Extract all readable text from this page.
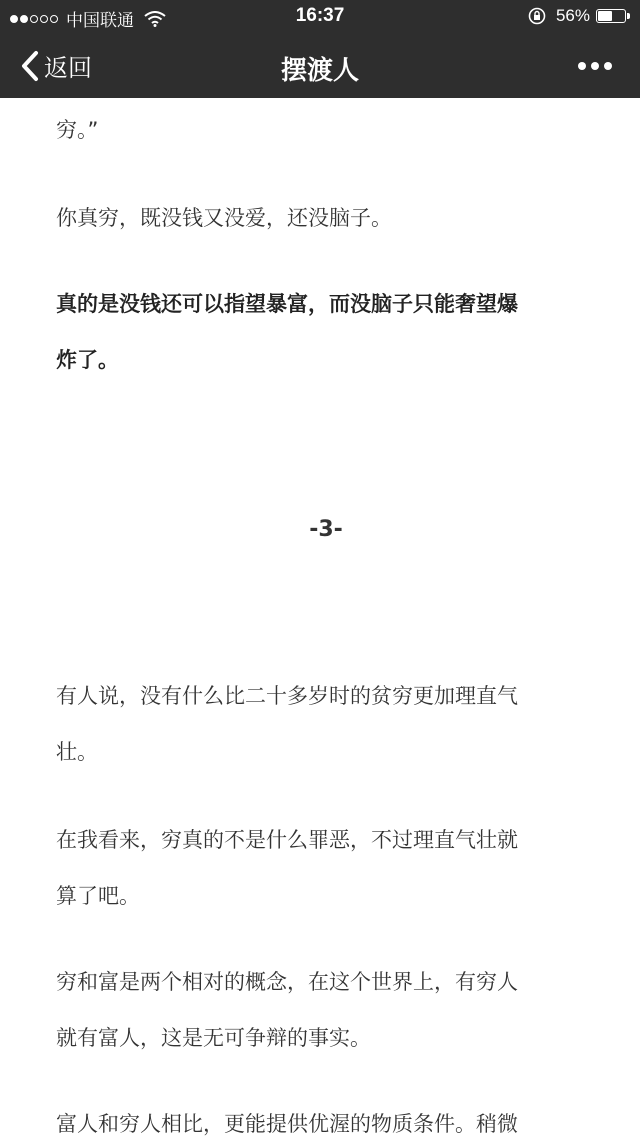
中国联通	16:37	56%
返回	摆渡人

穷。”

你真穷，既没钱又没爱，还没脑子。

真的是没钱还可以指望暴富，而没脑子只能奢望爆

炸了。

-3-

有人说，没有什么比二十多岁时的贫穷更加理直气

壮。

在我看来，穷真的不是什么罪恶，不过理直气壮就

算了吧。

穷和富是两个相对的概念，在这个世界上，有穷人

就有富人，这是无可争辩的事实。

富人和穷人相比，更能提供优渥的物质条件。稍微
